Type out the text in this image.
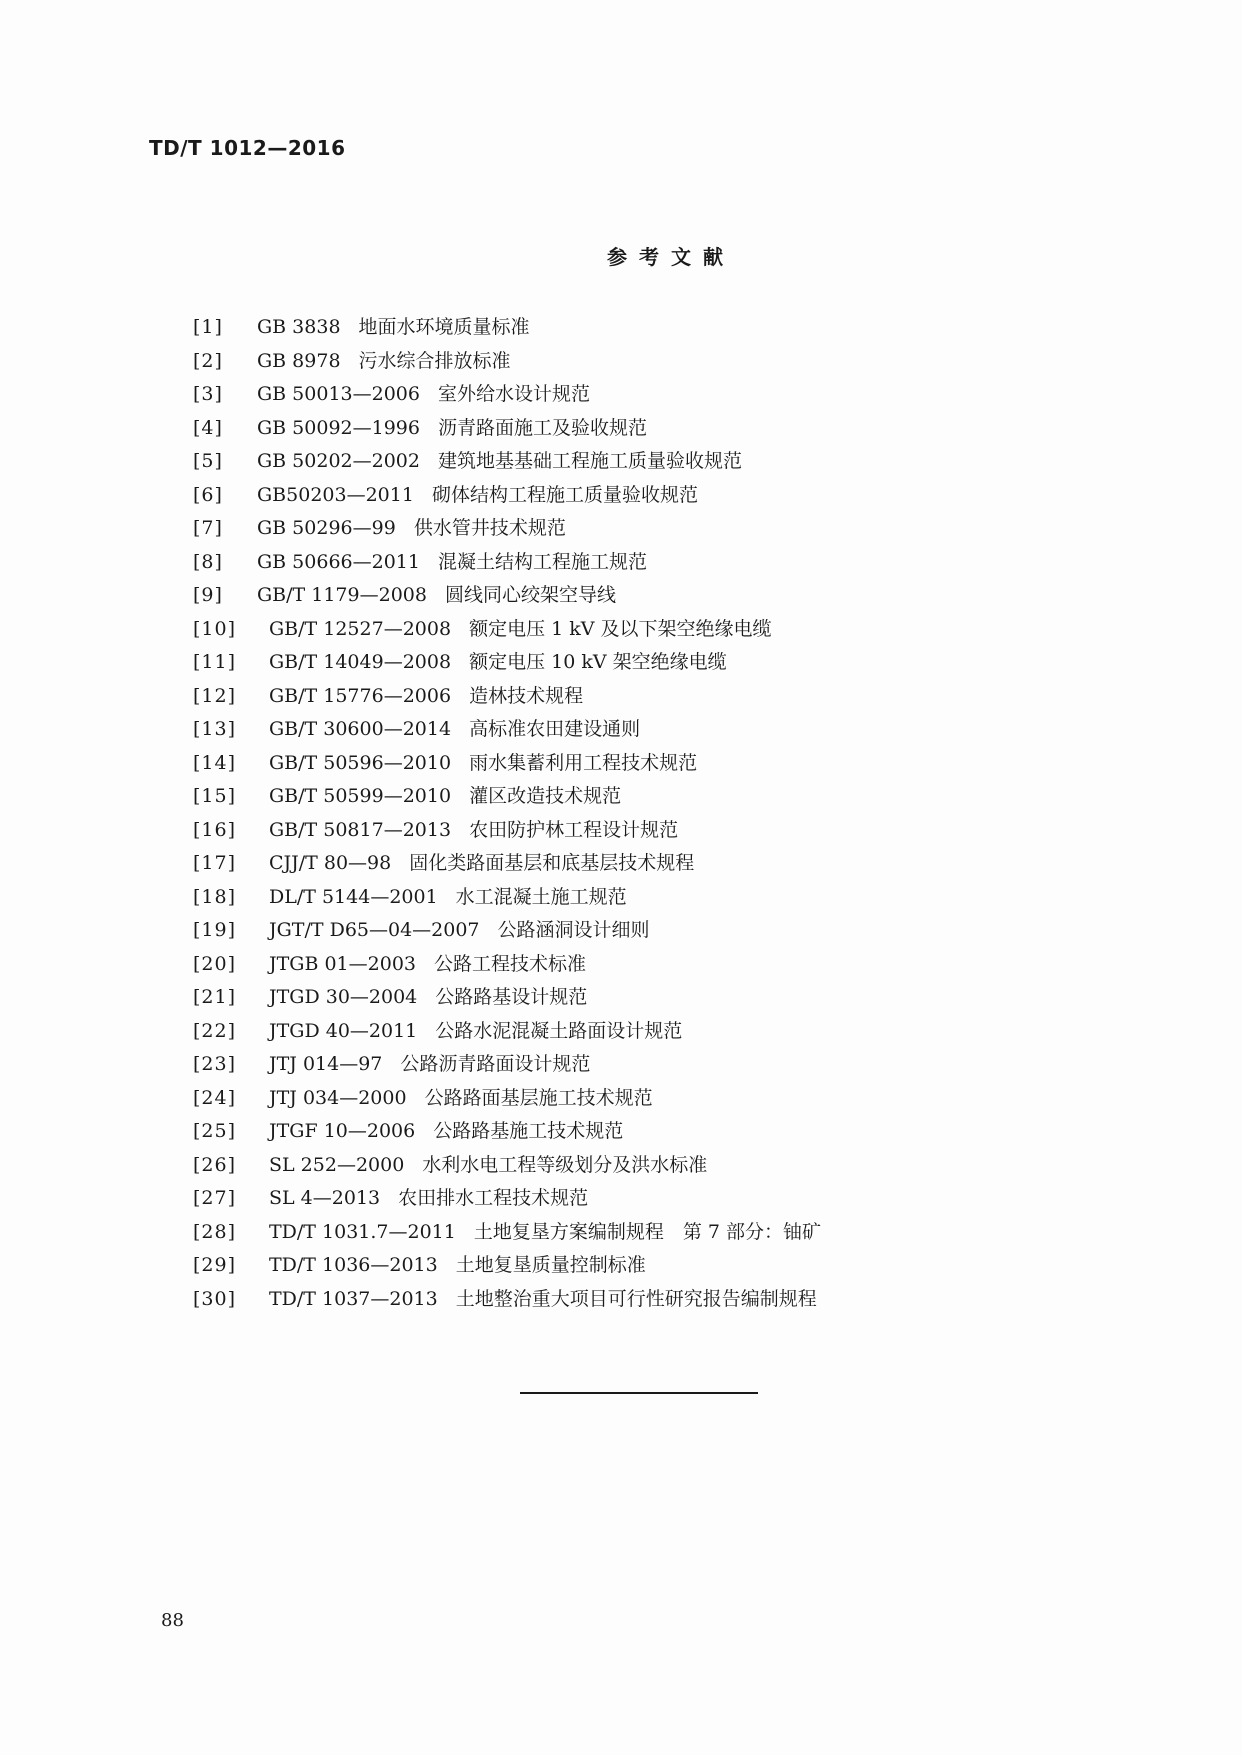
TD/T 1012—2016
参考文献
[1] GB 3838 地面水环境质量标准
[2] GB 8978 污水综合排放标准
[3] GB 50013—2006 室外给水设计规范
[4] GB 50092—1996 沥青路面施工及验收规范
[5] GB 50202—2002 建筑地基基础工程施工质量验收规范
[6] GB50203—2011 砌体结构工程施工质量验收规范
[7] GB 50296—99 供水管井技术规范
[8] GB 50666—2011 混凝土结构工程施工规范
[9] GB/T 1179—2008 圆线同心绞架空导线
[10] GB/T 12527—2008 额定电压 1 kV 及以下架空绝缘电缆
[11] GB/T 14049—2008 额定电压 10 kV 架空绝缘电缆
[12] GB/T 15776—2006 造林技术规程
[13] GB/T 30600—2014 高标准农田建设通则
[14] GB/T 50596—2010 雨水集蓄利用工程技术规范
[15] GB/T 50599—2010 灌区改造技术规范
[16] GB/T 50817—2013 农田防护林工程设计规范
[17] CJJ/T 80—98 固化类路面基层和底基层技术规程
[18] DL/T 5144—2001 水工混凝土施工规范
[19] JGT/T D65—04—2007 公路涵洞设计细则
[20] JTGB 01—2003 公路工程技术标准
[21] JTGD 30—2004 公路路基设计规范
[22] JTGD 40—2011 公路水泥混凝土路面设计规范
[23] JTJ 014—97 公路沥青路面设计规范
[24] JTJ 034—2000 公路路面基层施工技术规范
[25] JTGF 10—2006 公路路基施工技术规范
[26] SL 252—2000 水利水电工程等级划分及洪水标准
[27] SL 4—2013 农田排水工程技术规范
[28] TD/T 1031.7—2011 土地复垦方案编制规程　第 7 部分：铀矿
[29] TD/T 1036—2013 土地复垦质量控制标准
[30] TD/T 1037—2013 土地整治重大项目可行性研究报告编制规程
88
